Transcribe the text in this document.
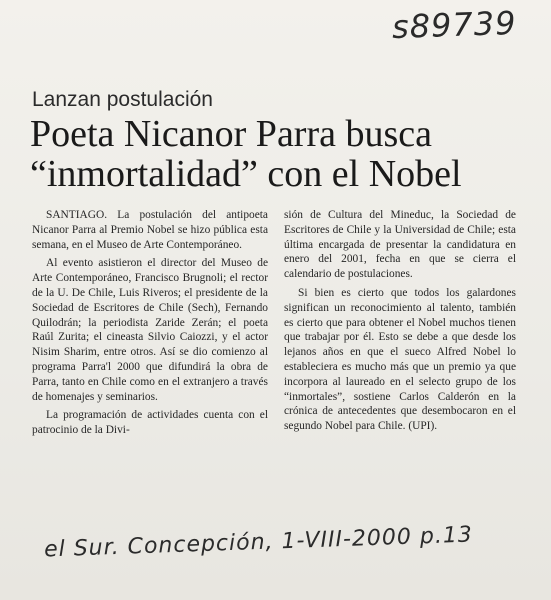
s89739
Lanzan postulación
Poeta Nicanor Parra busca
“inmortalidad” con el Nobel

SANTIAGO. La postulación del antipoeta Nicanor Parra al Premio Nobel se hizo pública esta semana, en el Museo de Arte Contemporáneo.

Al evento asistieron el director del Museo de Arte Contemporáneo, Francisco Brugnoli; el rector de la U. De Chile, Luis Riveros; el presidente de la Sociedad de Escritores de Chile (Sech), Fernando Quilodrán; la periodista Zaride Zerán; el poeta Raúl Zurita; el cineasta Silvio Caiozzi, y el actor Nisim Sharim, entre otros. Así se dio comienzo al programa Parra'l 2000 que difundirá la obra de Parra, tanto en Chile como en el extranjero a través de homenajes y seminarios.

La programación de actividades cuenta con el patrocinio de la Divi-

sión de Cultura del Mineduc, la Sociedad de Escritores de Chile y la Universidad de Chile; esta última encargada de presentar la candidatura en enero del 2001, fecha en que se cierra el calendario de postulaciones.

Si bien es cierto que todos los galardones significan un reconocimiento al talento, también es cierto que para obtener el Nobel muchos tienen que trabajar por él. Esto se debe a que desde los lejanos años en que el sueco Alfred Nobel lo estableciera es mucho más que un premio ya que incorpora al laureado en el selecto grupo de los “inmortales”, sostiene Carlos Calderón en la crónica de antecedentes que desembocaron en el segundo Nobel para Chile. (UPI).

el Sur. Concepción, 1-VIII-2000 p.13
